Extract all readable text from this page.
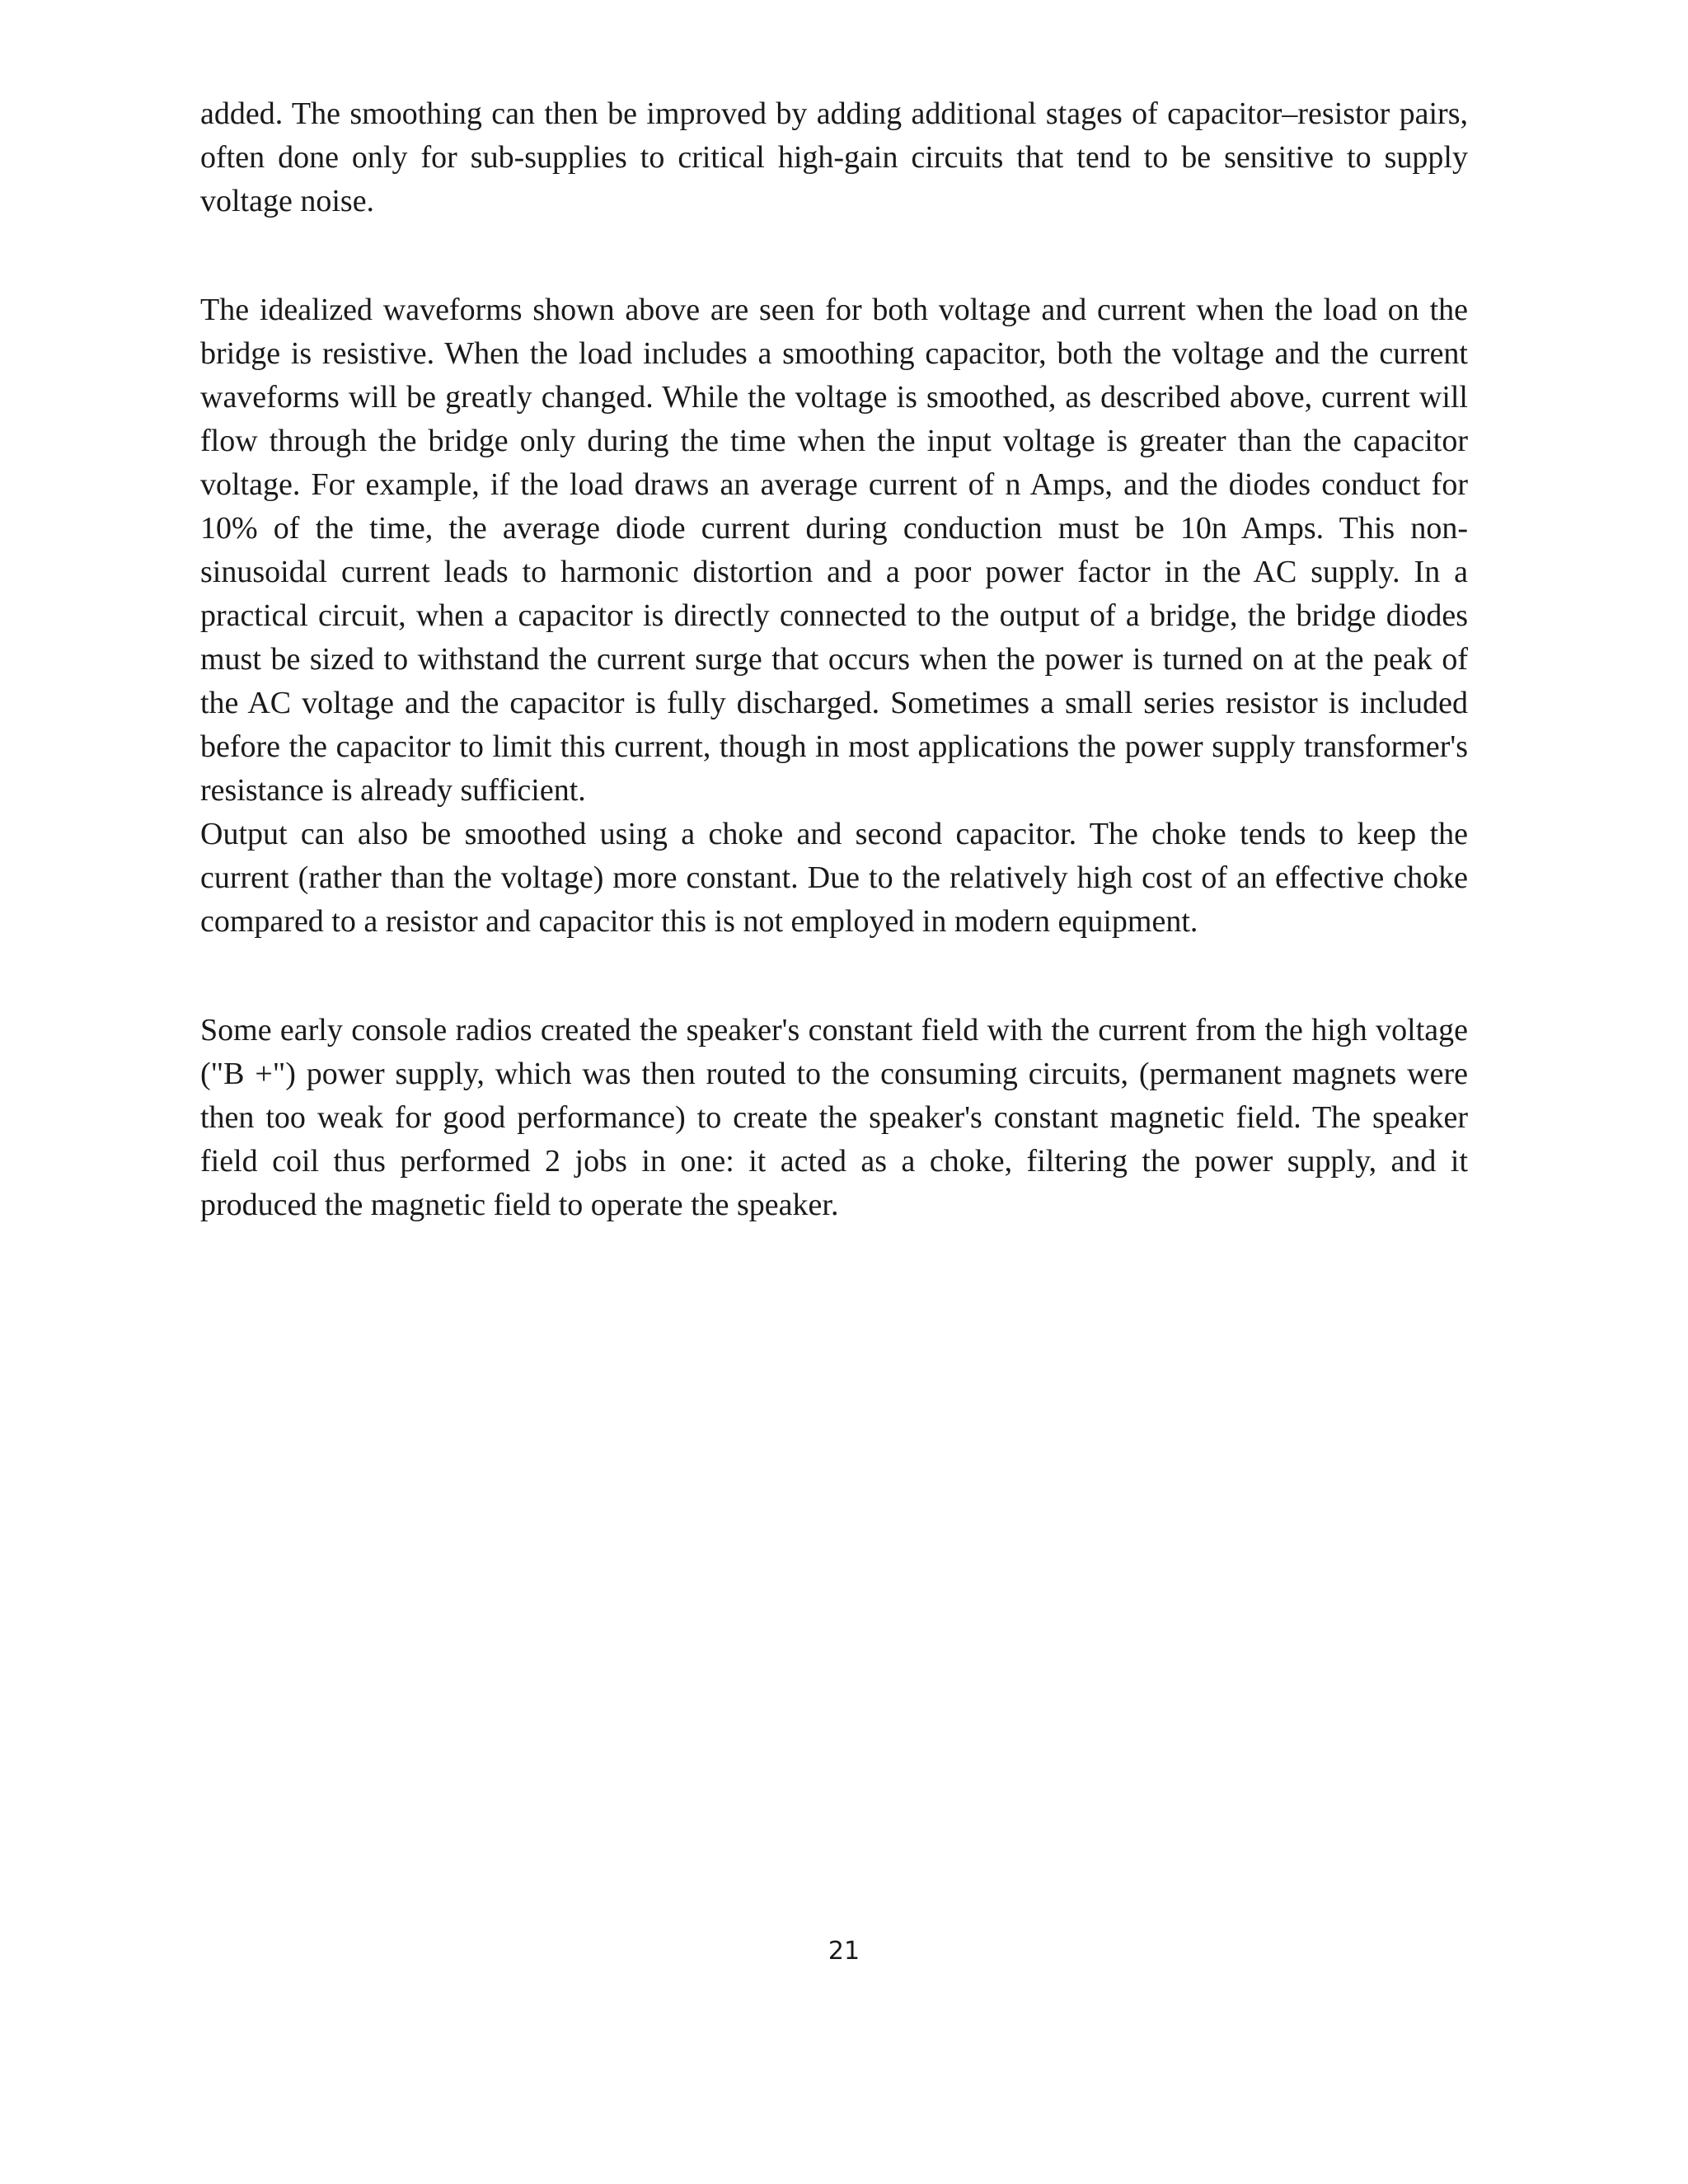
added. The smoothing can then be improved by adding additional stages of capacitor–resistor pairs, often done only for sub-supplies to critical high-gain circuits that tend to be sensitive to supply voltage noise.

The idealized waveforms shown above are seen for both voltage and current when the load on the bridge is resistive. When the load includes a smoothing capacitor, both the voltage and the current waveforms will be greatly changed. While the voltage is smoothed, as described above, current will flow through the bridge only during the time when the input voltage is greater than the capacitor voltage. For example, if the load draws an average current of n Amps, and the diodes conduct for 10% of the time, the average diode current during conduction must be 10n Amps. This non-sinusoidal current leads to harmonic distortion and a poor power factor in the AC supply. In a practical circuit, when a capacitor is directly connected to the output of a bridge, the bridge diodes must be sized to withstand the current surge that occurs when the power is turned on at the peak of the AC voltage and the capacitor is fully discharged. Sometimes a small series resistor is included before the capacitor to limit this current, though in most applications the power supply transformer's resistance is already sufficient.

Output can also be smoothed using a choke and second capacitor. The choke tends to keep the current (rather than the voltage) more constant. Due to the relatively high cost of an effective choke compared to a resistor and capacitor this is not employed in modern equipment.

Some early console radios created the speaker's constant field with the current from the high voltage ("B +") power supply, which was then routed to the consuming circuits, (permanent magnets were then too weak for good performance) to create the speaker's constant magnetic field. The speaker field coil thus performed 2 jobs in one: it acted as a choke, filtering the power supply, and it produced the magnetic field to operate the speaker.

21
